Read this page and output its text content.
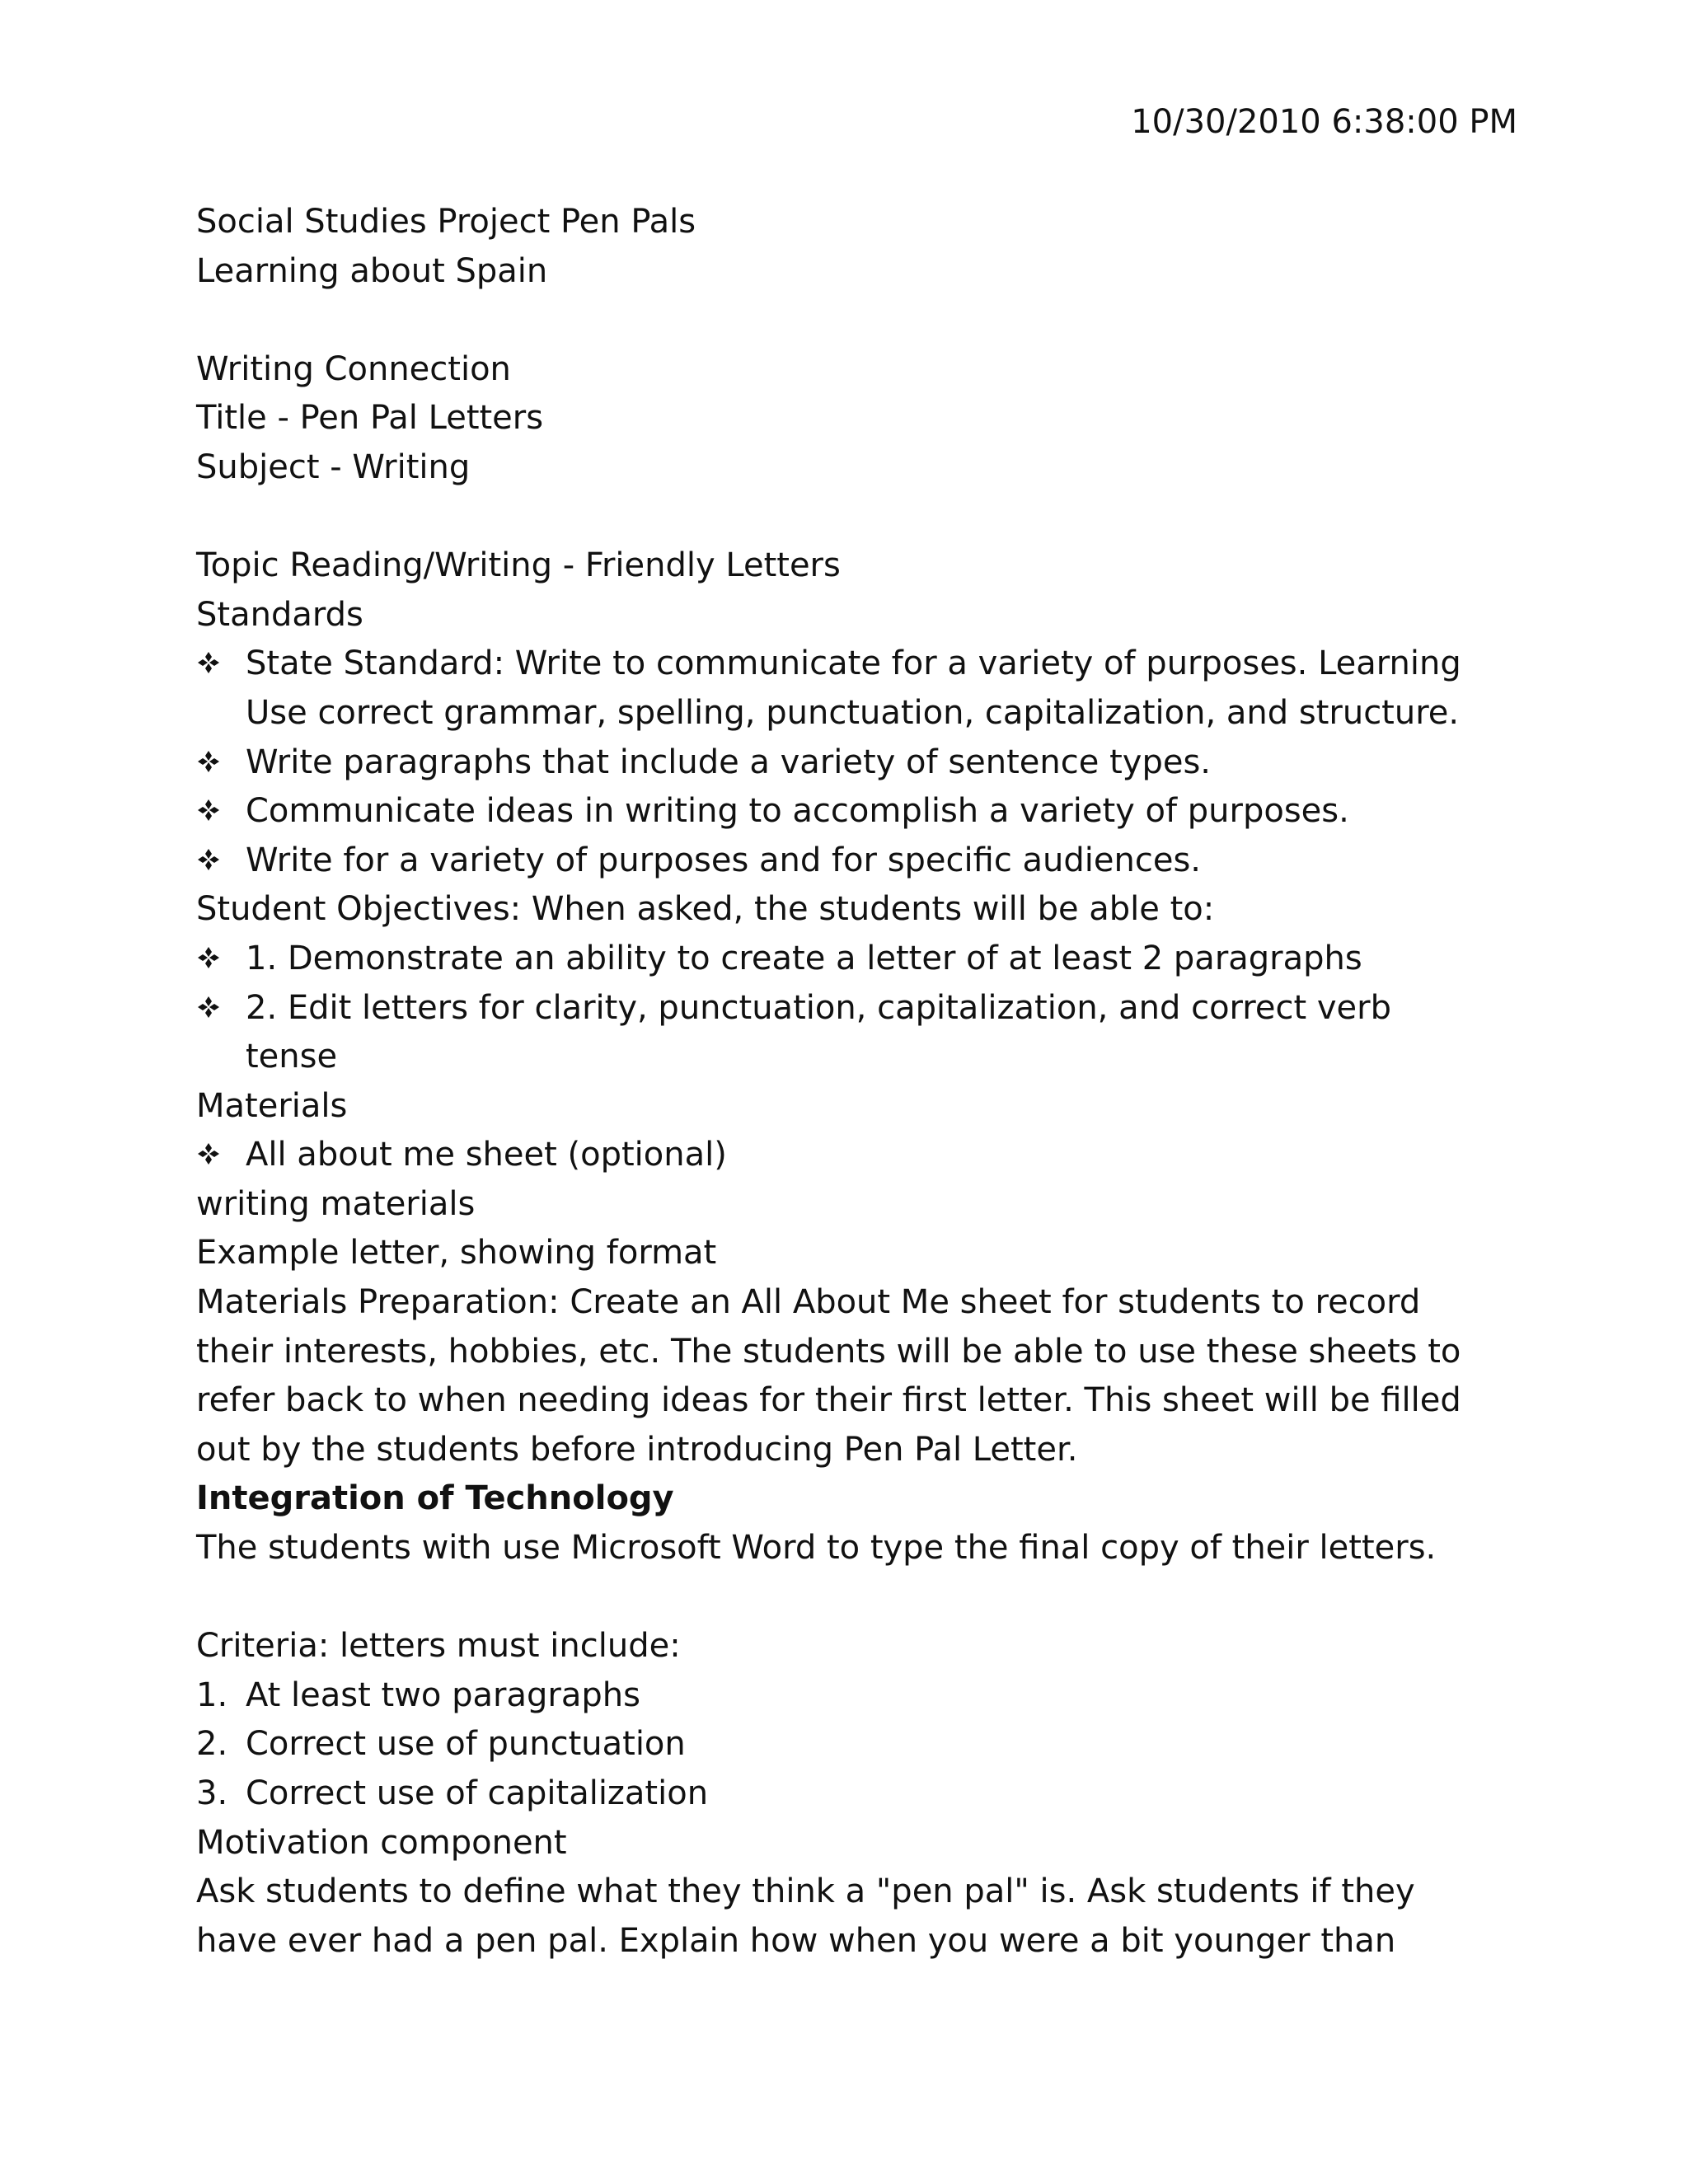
10/30/2010 6:38:00 PM
Social Studies Project Pen Pals
Learning about Spain
Writing Connection
Title - Pen Pal Letters
Subject - Writing
Topic Reading/Writing - Friendly Letters
Standards
State Standard: Write to communicate for a variety of purposes. Learning Use correct grammar, spelling, punctuation, capitalization, and structure.
Write paragraphs that include a variety of sentence types.
Communicate ideas in writing to accomplish a variety of purposes.
Write for a variety of purposes and for specific audiences.
Student Objectives: When asked, the students will be able to:
1. Demonstrate an ability to create a letter of at least 2 paragraphs
2. Edit letters for clarity, punctuation, capitalization, and correct verb tense
Materials
All about me sheet (optional)
writing materials
Example letter, showing format
Materials Preparation: Create an All About Me sheet for students to record their interests, hobbies, etc. The students will be able to use these sheets to refer back to when needing ideas for their first letter. This sheet will be filled out by the students before introducing Pen Pal Letter.
Integration of Technology
The students with use Microsoft Word to type the final copy of their letters.
Criteria: letters must include:
1. At least two paragraphs
2. Correct use of punctuation
3. Correct use of capitalization
Motivation component
Ask students to define what they think a "pen pal" is. Ask students if they have ever had a pen pal. Explain how when you were a bit younger than
